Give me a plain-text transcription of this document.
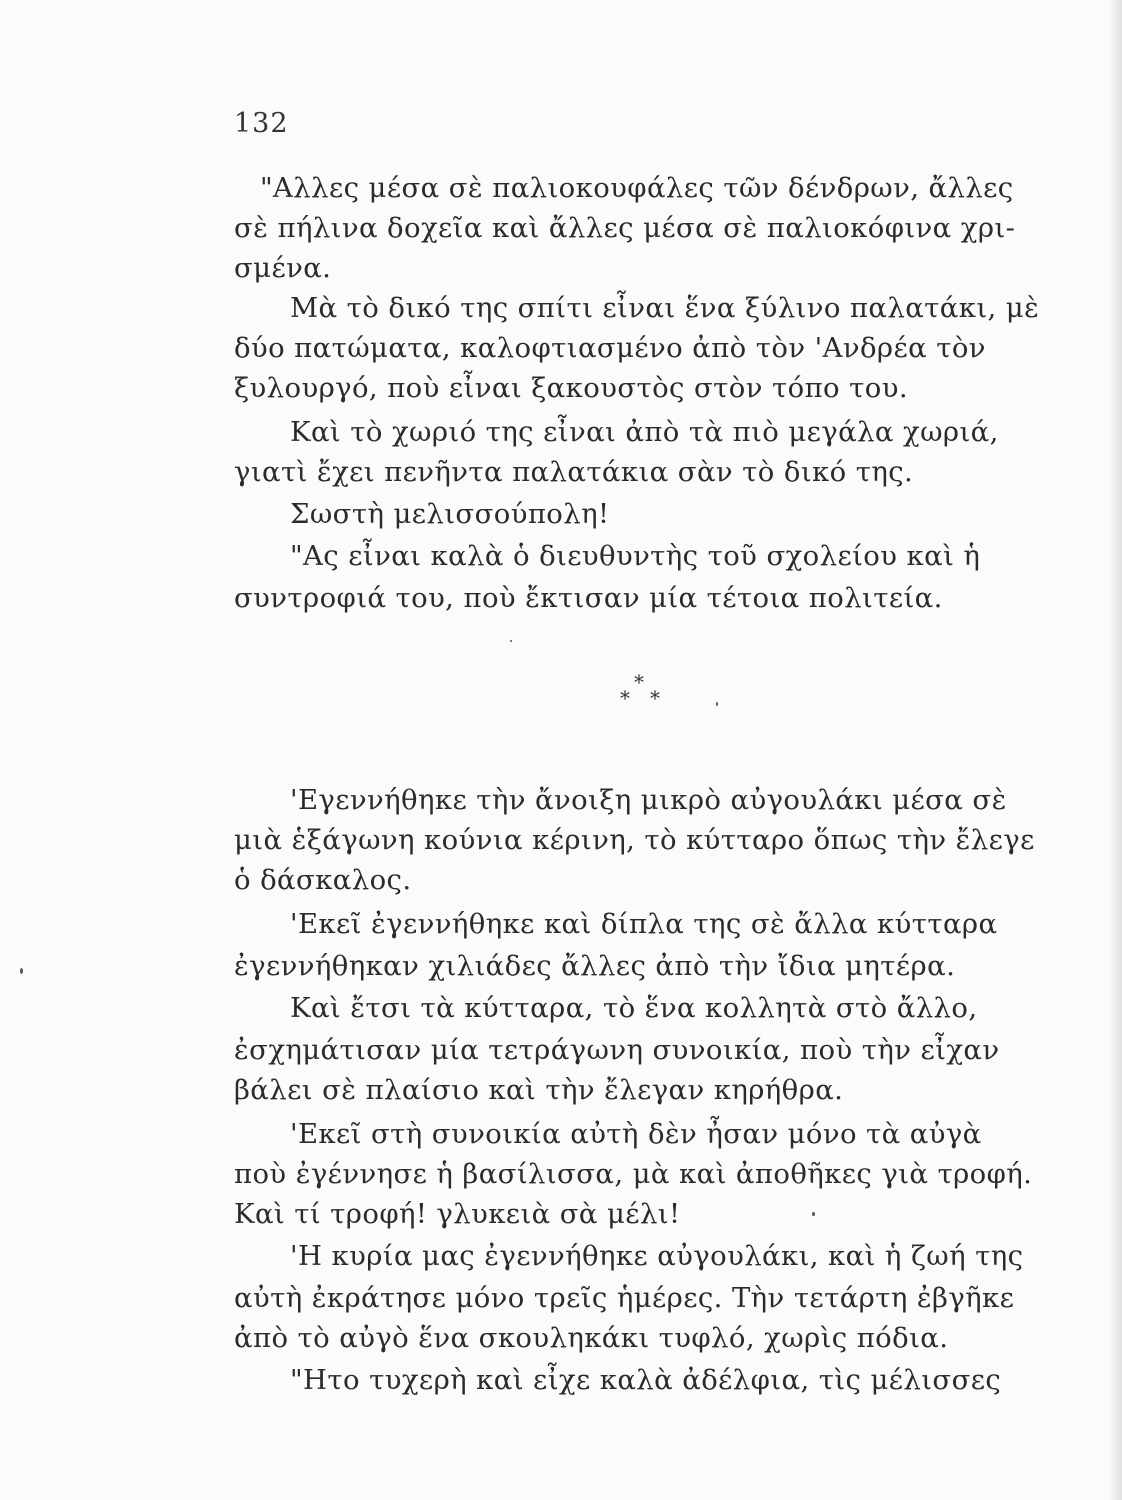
132
"Αλλες μέσα σὲ παλιοκουφάλες τῶν δένδρων, ἄλλες
σὲ πήλινα δοχεῖα καὶ ἄλλες μέσα σὲ παλιοκόφινα χρι-
σμένα.
Μὰ τὸ δικό της σπίτι εἶναι ἕνα ξύλινο παλατάκι, μὲ
δύο πατώματα, καλοφτιασμένο ἀπὸ τὸν 'Ανδρέα τὸν
ξυλουργό, ποὺ εἶναι ξακουστὸς στὸν τόπο του.
Καὶ τὸ χωριό της εἶναι ἀπὸ τὰ πιὸ μεγάλα χωριά,
γιατὶ ἔχει πενῆντα παλατάκια σὰν τὸ δικό της.
Σωστὴ μελισσούπολη!
"Ας εἶναι καλὰ ὁ διευθυντὴς τοῦ σχολείου καὶ ἡ
συντροφιά του, ποὺ ἔκτισαν μία τέτοια πολιτεία.
*
* *
'Εγεννήθηκε τὴν ἄνοιξη μικρὸ αὐγουλάκι μέσα σὲ
μιὰ ἑξάγωνη κούνια κέρινη, τὸ κύτταρο ὅπως τὴν ἔλεγε
ὁ δάσκαλος.
'Εκεῖ ἐγεννήθηκε καὶ δίπλα της σὲ ἄλλα κύτταρα
ἐγεννήθηκαν χιλιάδες ἄλλες ἀπὸ τὴν ἴδια μητέρα.
Καὶ ἔτσι τὰ κύτταρα, τὸ ἕνα κολλητὰ στὸ ἄλλο,
ἐσχημάτισαν μία τετράγωνη συνοικία, ποὺ τὴν εἶχαν
βάλει σὲ πλαίσιο καὶ τὴν ἔλεγαν κηρήθρα.
'Εκεῖ στὴ συνοικία αὐτὴ δὲν ἦσαν μόνο τὰ αὐγὰ
ποὺ ἐγέννησε ἡ βασίλισσα, μὰ καὶ ἀποθῆκες γιὰ τροφή.
Καὶ τί τροφή! γλυκειὰ σὰ μέλι!
'Η κυρία μας ἐγεννήθηκε αὐγουλάκι, καὶ ἡ ζωή της
αὐτὴ ἐκράτησε μόνο τρεῖς ἡμέρες. Τὴν τετάρτη ἐβγῆκε
ἀπὸ τὸ αὐγὸ ἕνα σκουληκάκι τυφλό, χωρὶς πόδια.
"Ητο τυχερὴ καὶ εἶχε καλὰ ἀδέλφια, τὶς μέλισσες
